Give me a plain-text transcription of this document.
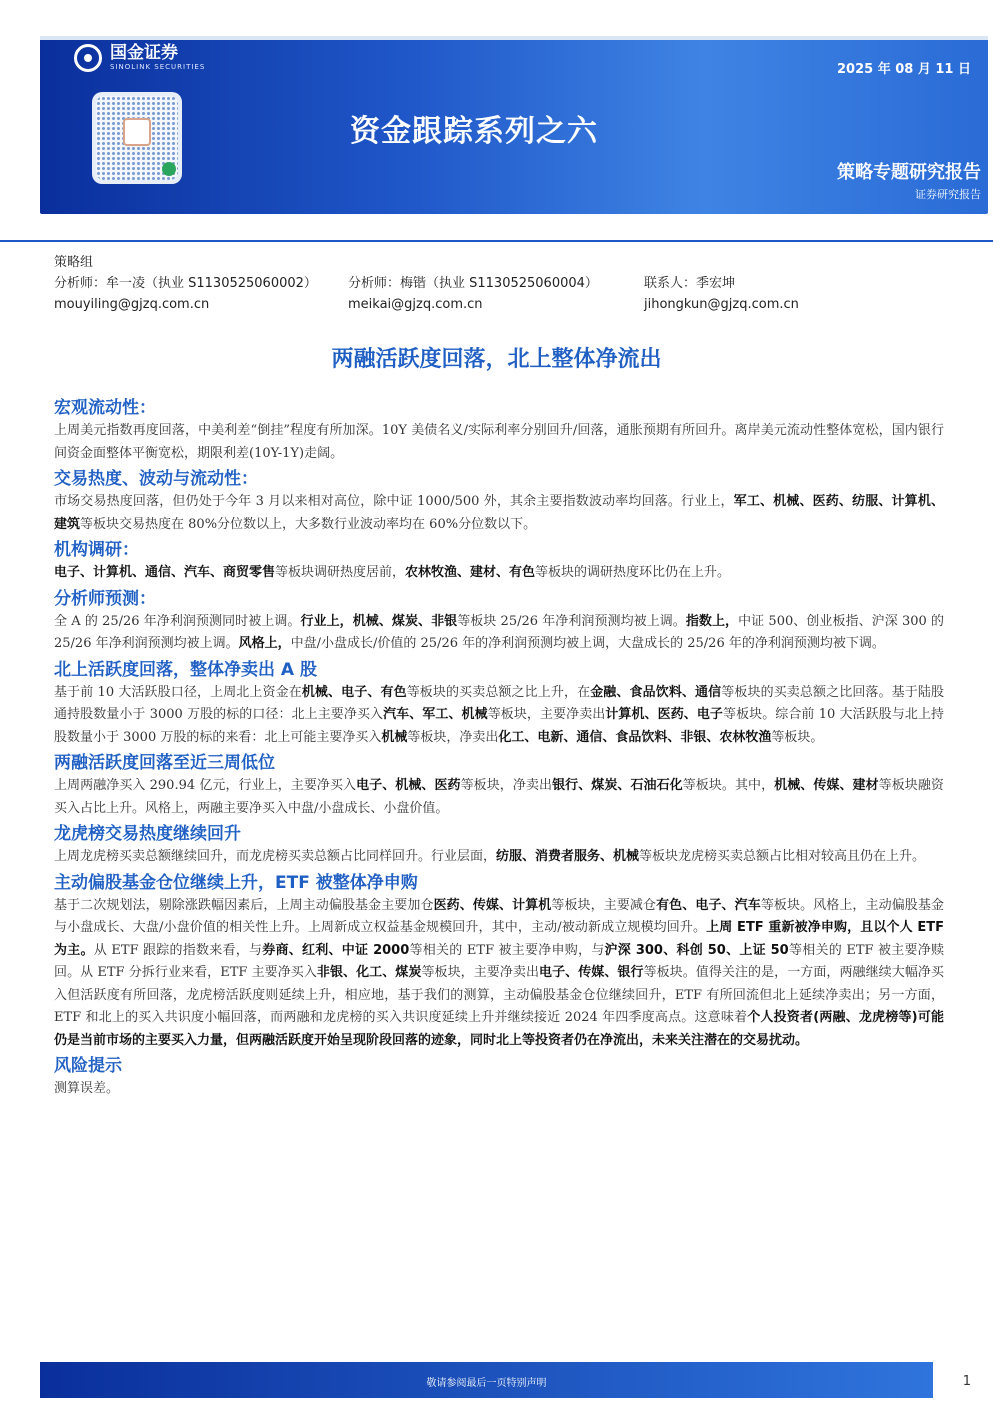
国金证券
SINOLINK SECURITIES	2025 年 08 月 11 日
资金跟踪系列之六
策略专题研究报告
证券研究报告
策略组
分析师：牟一凌（执业 S1130525060002）	分析师：梅锴（执业 S1130525060004）	联系人：季宏坤
mouyiling@gjzq.com.cn	meikai@gjzq.com.cn	jihongkun@gjzq.com.cn
两融活跃度回落，北上整体净流出
宏观流动性：
上周美元指数再度回落，中美利差“倒挂”程度有所加深。10Y 美债名义/实际利率分别回升/回落，通胀预期有所回升。离岸美元流动性整体宽松，国内银行间资金面整体平衡宽松，期限利差(10Y-1Y)走阔。
交易热度、波动与流动性：
市场交易热度回落，但仍处于今年 3 月以来相对高位，除中证 1000/500 外，其余主要指数波动率均回落。行业上，军工、机械、医药、纺服、计算机、建筑等板块交易热度在 80%分位数以上，大多数行业波动率均在 60%分位数以下。
机构调研：
电子、计算机、通信、汽车、商贸零售等板块调研热度居前，农林牧渔、建材、有色等板块的调研热度环比仍在上升。
分析师预测：
全 A 的 25/26 年净利润预测同时被上调。行业上，机械、煤炭、非银等板块 25/26 年净利润预测均被上调。指数上，中证 500、创业板指、沪深 300 的 25/26 年净利润预测均被上调。风格上，中盘/小盘成长/价值的 25/26 年的净利润预测均被上调，大盘成长的 25/26 年的净利润预测均被下调。
北上活跃度回落，整体净卖出 A 股
基于前 10 大活跃股口径，上周北上资金在机械、电子、有色等板块的买卖总额之比上升，在金融、食品饮料、通信等板块的买卖总额之比回落。基于陆股通持股数量小于 3000 万股的标的口径：北上主要净买入汽车、军工、机械等板块，主要净卖出计算机、医药、电子等板块。综合前 10 大活跃股与北上持股数量小于 3000 万股的标的来看：北上可能主要净买入机械等板块，净卖出化工、电新、通信、食品饮料、非银、农林牧渔等板块。
两融活跃度回落至近三周低位
上周两融净买入 290.94 亿元，行业上，主要净买入电子、机械、医药等板块，净卖出银行、煤炭、石油石化等板块。其中，机械、传媒、建材等板块融资买入占比上升。风格上，两融主要净买入中盘/小盘成长、小盘价值。
龙虎榜交易热度继续回升
上周龙虎榜买卖总额继续回升，而龙虎榜买卖总额占比同样回升。行业层面，纺服、消费者服务、机械等板块龙虎榜买卖总额占比相对较高且仍在上升。
主动偏股基金仓位继续上升，ETF 被整体净申购
基于二次规划法，剔除涨跌幅因素后，上周主动偏股基金主要加仓医药、传媒、计算机等板块，主要减仓有色、电子、汽车等板块。风格上，主动偏股基金与小盘成长、大盘/小盘价值的相关性上升。上周新成立权益基金规模回升，其中，主动/被动新成立规模均回升。上周 ETF 重新被净申购，且以个人 ETF 为主。从 ETF 跟踪的指数来看，与券商、红利、中证 2000等相关的 ETF 被主要净申购，与沪深 300、科创 50、上证 50等相关的 ETF 被主要净赎回。从 ETF 分拆行业来看，ETF 主要净买入非银、化工、煤炭等板块，主要净卖出电子、传媒、银行等板块。值得关注的是，一方面，两融继续大幅净买入但活跃度有所回落，龙虎榜活跃度则延续上升，相应地，基于我们的测算，主动偏股基金仓位继续回升，ETF 有所回流但北上延续净卖出；另一方面，ETF 和北上的买入共识度小幅回落，而两融和龙虎榜的买入共识度延续上升并继续接近 2024 年四季度高点。这意味着个人投资者(两融、龙虎榜等)可能仍是当前市场的主要买入力量，但两融活跃度开始呈现阶段回落的迹象，同时北上等投资者仍在净流出，未来关注潜在的交易扰动。
风险提示
测算误差。
敬请参阅最后一页特别声明	1
